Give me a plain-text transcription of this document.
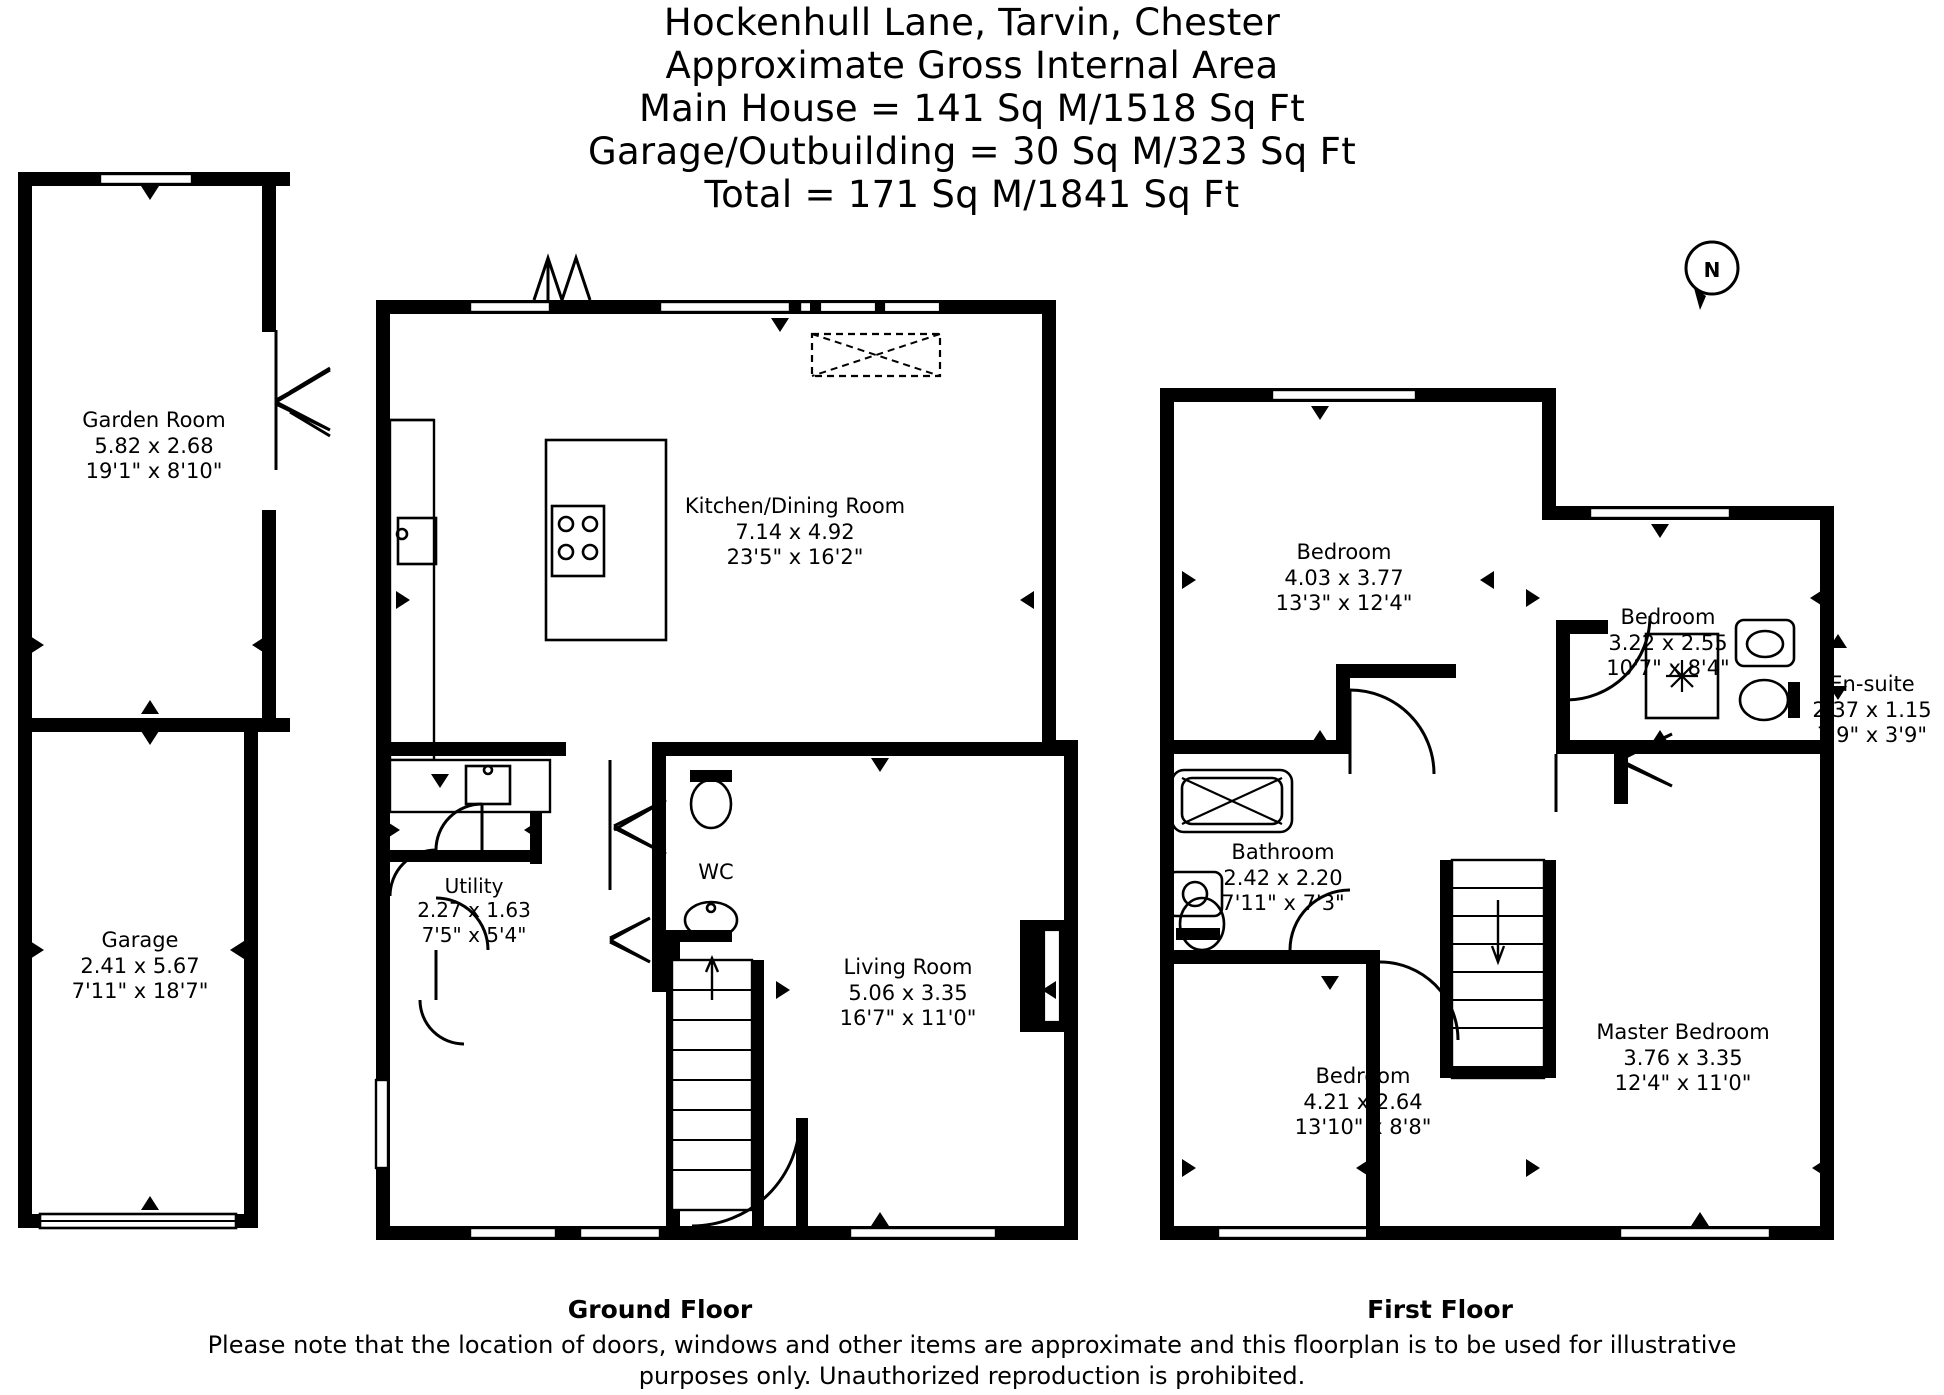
Hockenhull Lane, Tarvin, Chester
Approximate Gross Internal Area
Main House = 141 Sq M/1518 Sq Ft
Garage/Outbuilding = 30 Sq M/323 Sq Ft
Total = 171 Sq M/1841 Sq Ft
N
Garden Room
5.82 x 2.68
19'1" x 8'10"
Garage
2.41 x 5.67
7'11" x 18'7"
Kitchen/Dining Room
7.14 x 4.92
23'5" x 16'2"
Utility
2.27 x 1.63
7'5" x 5'4"
WC
Living Room
5.06 x 3.35
16'7" x 11'0"
Bedroom
4.03 x 3.77
13'3" x 12'4"
Bedroom
3.22 x 2.55
10'7" x 8'4"
En-suite
2.37 x 1.15
7'9" x 3'9"
Bathroom
2.42 x 2.20
7'11" x 7'3"
Bedroom
4.21 x 2.64
13'10" x 8'8"
Master Bedroom
3.76 x 3.35
12'4" x 11'0"
Ground Floor	First Floor
Please note that the location of doors, windows and other items are approximate and this floorplan is to be used for illustrative
purposes only. Unauthorized reproduction is prohibited.
